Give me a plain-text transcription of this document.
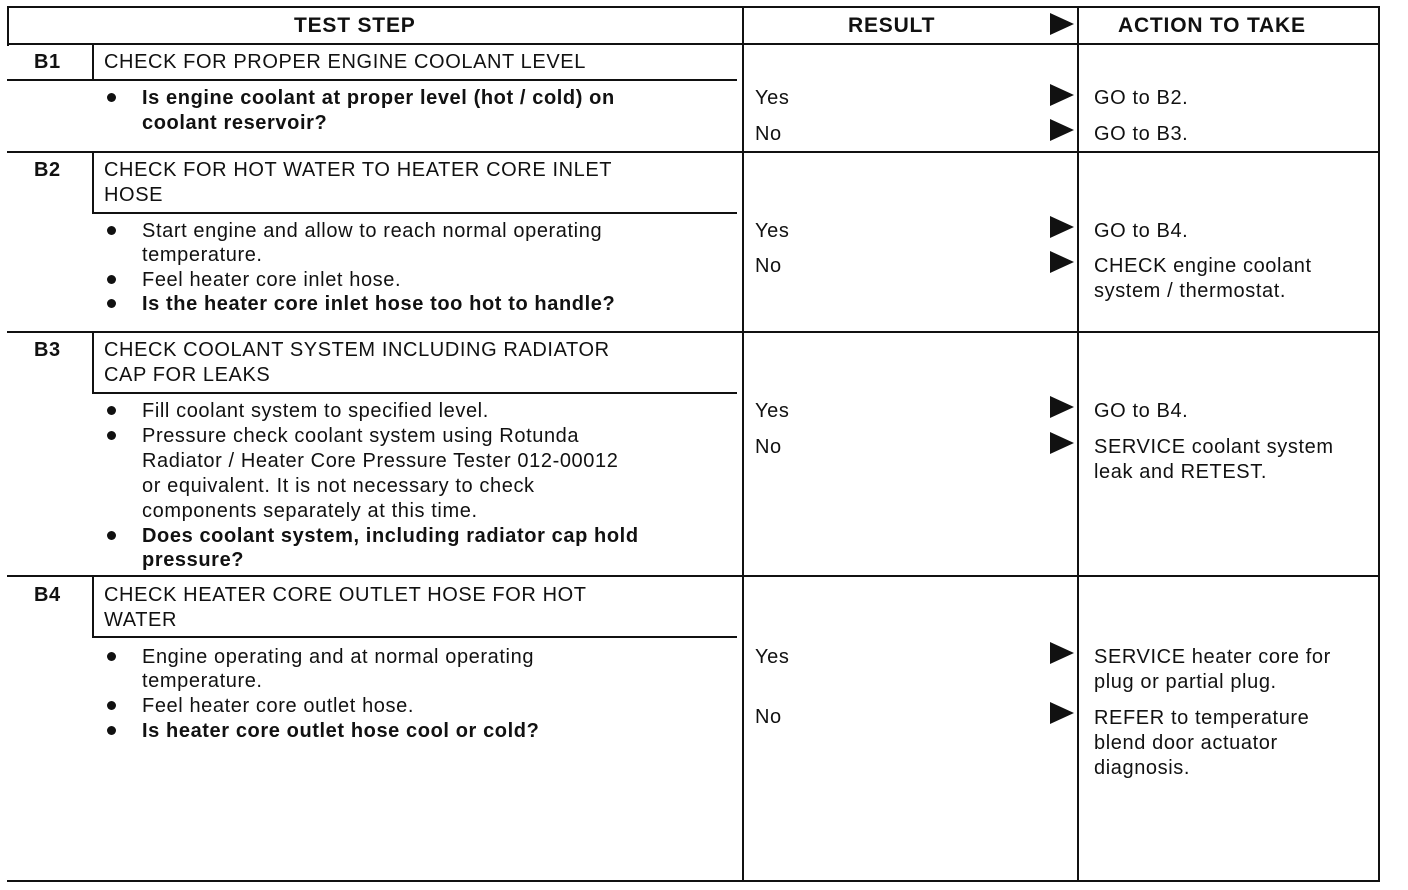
TEST STEP	RESULT	ACTION TO TAKE
B1 CHECK FOR PROPER ENGINE COOLANT LEVEL
Is engine coolant at proper level (hot / cold) on
coolant reservoir?
Yes	GO to B2.
No	GO to B3.
B2 CHECK FOR HOT WATER TO HEATER CORE INLET
HOSE
Start engine and allow to reach normal operating
temperature.
Feel heater core inlet hose.
Is the heater core inlet hose too hot to handle?
Yes	GO to B4.
No	CHECK engine coolant
system / thermostat.
B3 CHECK COOLANT SYSTEM INCLUDING RADIATOR
CAP FOR LEAKS
Fill coolant system to specified level.
Pressure check coolant system using Rotunda
Radiator / Heater Core Pressure Tester 012-00012
or equivalent. It is not necessary to check
components separately at this time.
Does coolant system, including radiator cap hold
pressure?
Yes	GO to B4.
No	SERVICE coolant system
leak and RETEST.
B4 CHECK HEATER CORE OUTLET HOSE FOR HOT
WATER
Engine operating and at normal operating
temperature.
Feel heater core outlet hose.
Is heater core outlet hose cool or cold?
Yes	SERVICE heater core for
plug or partial plug.
No	REFER to temperature
blend door actuator
diagnosis.
